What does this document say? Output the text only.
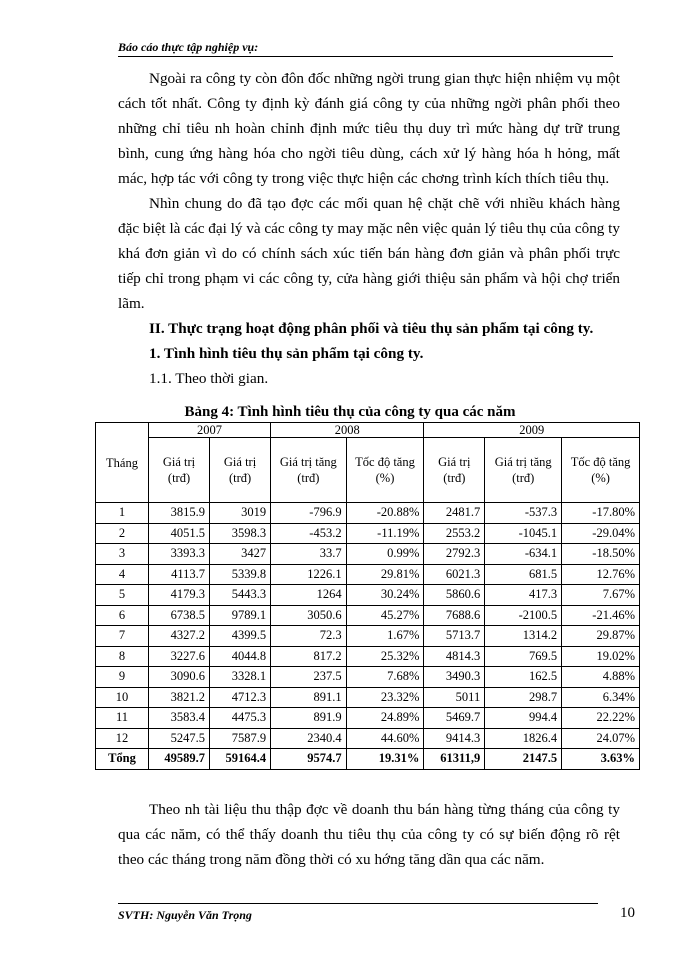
Báo cáo thực tập nghiệp vụ:

Ngoài ra công ty còn đôn đốc những ngời trung gian thực hiện nhiệm vụ một cách tốt nhất. Công ty định kỳ đánh giá công ty của những ngời phân phối theo những chỉ tiêu nh hoàn chỉnh định mức tiêu thụ duy trì mức hàng dự trữ trung bình, cung ứng hàng hóa cho ngời tiêu dùng, cách xử lý hàng hóa h hỏng, mất mác, hợp tác với công ty trong việc thực hiện các chơng trình kích thích tiêu thụ.

Nhìn chung do đã tạo đợc các mối quan hệ chặt chẽ với nhiều khách hàng đặc biệt là các đại lý và các công ty may mặc nên việc quản lý tiêu thụ của công ty khá đơn giản vì do có chính sách xúc tiến bán hàng đơn giản và phân phối trực tiếp chỉ trong phạm vi các công ty, cửa hàng giới thiệu sản phẩm và hội chợ triển lãm.

II. Thực trạng hoạt động phân phối và tiêu thụ sản phẩm tại công ty.

1. Tình hình tiêu thụ sản phẩm tại công ty.

1.1. Theo thời gian.

Bảng 4: Tình hình tiêu thụ của công ty qua các năm
Tháng	2007		2008		2009		
	Giá trị (trđ)	Giá trị (trđ)	Giá trị tăng (trđ)	Tốc độ tăng (%)	Giá trị (trđ)	Giá trị tăng (trđ)	Tốc độ tăng (%)
1	3815.9	3019	-796.9	-20.88%	2481.7	-537.3	-17.80%
2	4051.5	3598.3	-453.2	-11.19%	2553.2	-1045.1	-29.04%
3	3393.3	3427	33.7	0.99%	2792.3	-634.1	-18.50%
4	4113.7	5339.8	1226.1	29.81%	6021.3	681.5	12.76%
5	4179.3	5443.3	1264	30.24%	5860.6	417.3	7.67%
6	6738.5	9789.1	3050.6	45.27%	7688.6	-2100.5	-21.46%
7	4327.2	4399.5	72.3	1.67%	5713.7	1314.2	29.87%
8	3227.6	4044.8	817.2	25.32%	4814.3	769.5	19.02%
9	3090.6	3328.1	237.5	7.68%	3490.3	162.5	4.88%
10	3821.2	4712.3	891.1	23.32%	5011	298.7	6.34%
11	3583.4	4475.3	891.9	24.89%	5469.7	994.4	22.22%
12	5247.5	7587.9	2340.4	44.60%	9414.3	1826.4	24.07%
Tổng	49589.7	59164.4	9574.7	19.31%	61311,9	2147.5	3.63%

Theo nh tài liệu thu thập đợc về doanh thu bán hàng từng tháng của công ty qua các năm, có thể thấy doanh thu tiêu thụ của công ty có sự biến động rõ rệt theo các tháng trong năm đồng thời có xu hớng tăng dần qua các năm.

SVTH: Nguyễn Văn Trọng	10
